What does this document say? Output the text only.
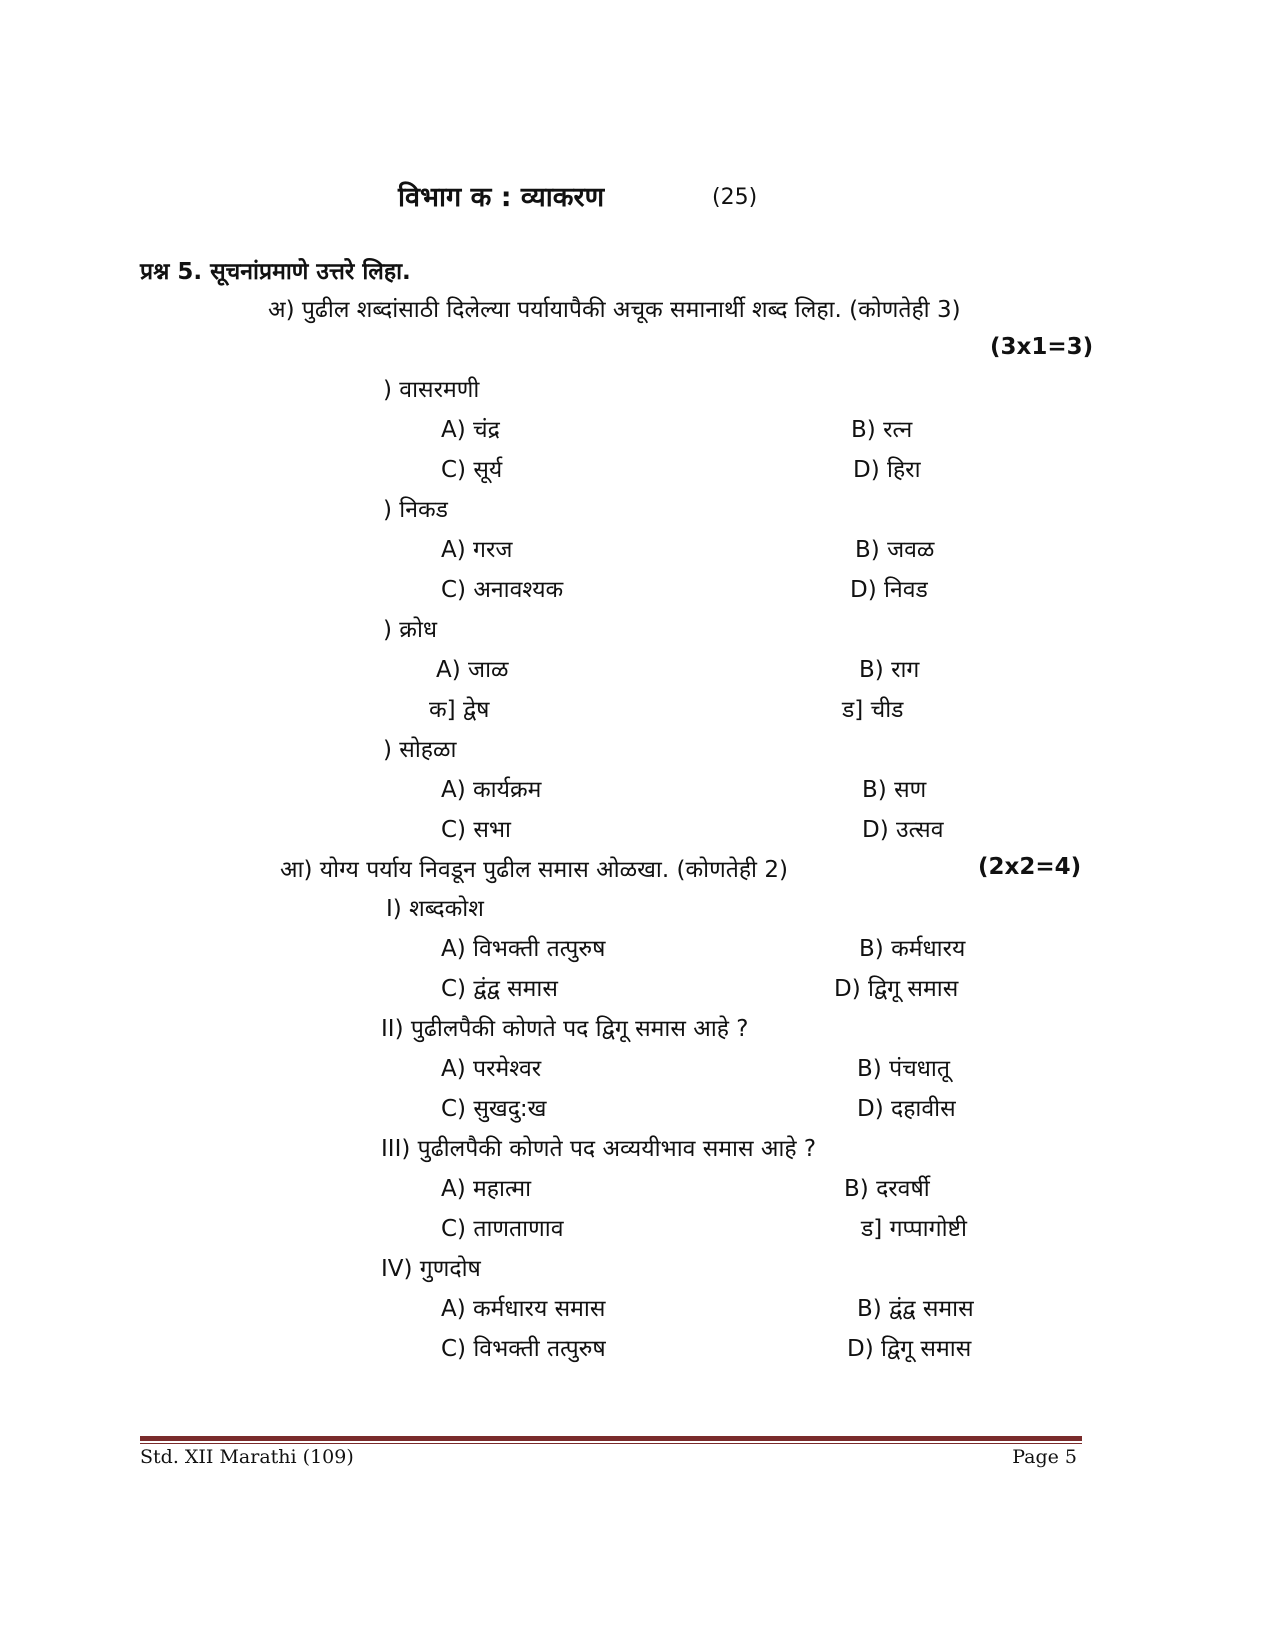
विभाग क : व्याकरण	(25)
प्रश्न 5. सूचनांप्रमाणे उत्तरे लिहा.
अ) पुढील शब्दांसाठी दिलेल्या पर्यायापैकी अचूक समानार्थी शब्द लिहा. (कोणतेही 3)
(3x1=3)
) वासरमणी
A) चंद्र	B) रत्न
C) सूर्य	D) हिरा
) निकड
A) गरज	B) जवळ
C) अनावश्यक	D) निवड
) क्रोध
A) जाळ	B) राग
क] द्वेष	ड] चीड
) सोहळा
A) कार्यक्रम	B) सण
C) सभा	D) उत्सव
आ) योग्य पर्याय निवडून पुढील समास ओळखा. (कोणतेही 2)	(2x2=4)
I) शब्दकोश
A) विभक्ती तत्पुरुष	B) कर्मधारय
C) द्वंद्व समास	D) द्विगू समास
II) पुढीलपैकी कोणते पद द्विगू समास आहे ?
A) परमेश्वर	B) पंचधातू
C) सुखदु:ख	D) दहावीस
III) पुढीलपैकी कोणते पद अव्ययीभाव समास आहे ?
A) महात्मा	B) दरवर्षी
C) ताणताणाव	ड] गप्पागोष्टी
IV) गुणदोष
A) कर्मधारय समास	B) द्वंद्व समास
C) विभक्ती तत्पुरुष	D) द्विगू समास
Std. XII Marathi (109)	Page 5
